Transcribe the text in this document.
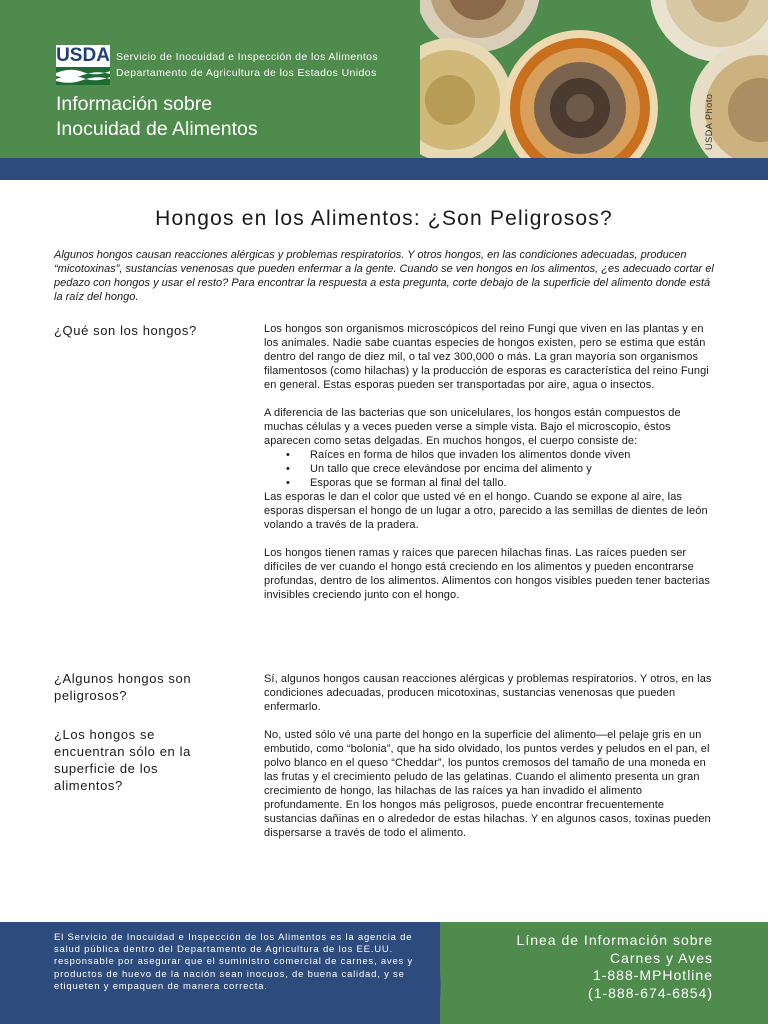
USDA Servicio de Inocuidad e Inspección de los Alimentos
Departamento de Agricultura de los Estados Unidos
Información sobre
Inocuidad de Alimentos	USDA Photo
Hongos en los Alimentos: ¿Son Peligrosos?
Algunos hongos causan reacciones alérgicas y problemas respiratorios. Y otros hongos, en las condiciones adecuadas, producen “micotoxinas”, sustancias venenosas que pueden enfermar a la gente. Cuando se ven hongos en los alimentos, ¿es adecuado cortar el pedazo con hongos y usar el resto? Para encontrar la respuesta a esta pregunta, corte debajo de la superficie del alimento donde está la raíz del hongo.
¿Qué son los hongos?	Los hongos son organismos microscópicos del reino Fungi que viven en las plantas y en los animales. Nadie sabe cuantas especies de hongos existen, pero se estima que están dentro del rango de diez mil, o tal vez 300,000 o más. La gran mayoría son organismos filamentosos (como hilachas) y la producción de esporas es característica del reino Fungi en general. Estas esporas pueden ser transportadas por aire, agua o insectos.

A diferencia de las bacterias que son unicelulares, los hongos están compuestos de muchas células y a veces pueden verse a simple vista. Bajo el microscopio, éstos aparecen como setas delgadas. En muchos hongos, el cuerpo consiste de:

• Raíces en forma de hilos que invaden los alimentos donde viven
• Un tallo que crece elevándose por encima del alimento y
• Esporas que se forman al final del tallo.

Las esporas le dan el color que usted vé en el hongo. Cuando se expone al aire, las esporas dispersan el hongo de un lugar a otro, parecido a las semillas de dientes de león volando a través de la pradera.

Los hongos tienen ramas y raíces que parecen hilachas finas. Las raíces pueden ser difíciles de ver cuando el hongo está creciendo en los alimentos y pueden encontrarse profundas, dentro de los alimentos. Alimentos con hongos visibles pueden tener bacterias invisibles creciendo junto con el hongo.

¿Algunos hongos son peligrosos?

Sí, algunos hongos causan reacciones alérgicas y problemas respiratorios. Y otros, en las condiciones adecuadas, producen micotoxinas, sustancias venenosas que pueden enfermarlo.

¿Los hongos se encuentran sólo en la superficie de los alimentos?

No, usted sólo vé una parte del hongo en la superficie del alimento—el pelaje gris en un embutido, como “bolonia”, que ha sido olvidado, los puntos verdes y peludos en el pan, el polvo blanco en el queso “Cheddar”, los puntos cremosos del tamaño de una moneda en las frutas y el crecimiento peludo de las gelatinas. Cuando el alimento presenta un gran crecimiento de hongo, las hilachas de las raíces ya han invadido el alimento profundamente. En los hongos más peligrosos, puede encontrar frecuentemente sustancias dañinas en o alrededor de estas hilachas. Y en algunos casos, toxinas pueden dispersarse a través de todo el alimento.

El Servicio de Inocuidad e Inspección de los Alimentos es la agencia de salud pública dentro del Departamento de Agricultura de los EE.UU. responsable por asegurar que el suministro comercial de carnes, aves y productos de huevo de la nación sean inocuos, de buena calidad, y se etiqueten y empaquen de manera correcta.
Línea de Información sobre
Carnes y Aves
1-888-MPHotline
(1-888-674-6854)
